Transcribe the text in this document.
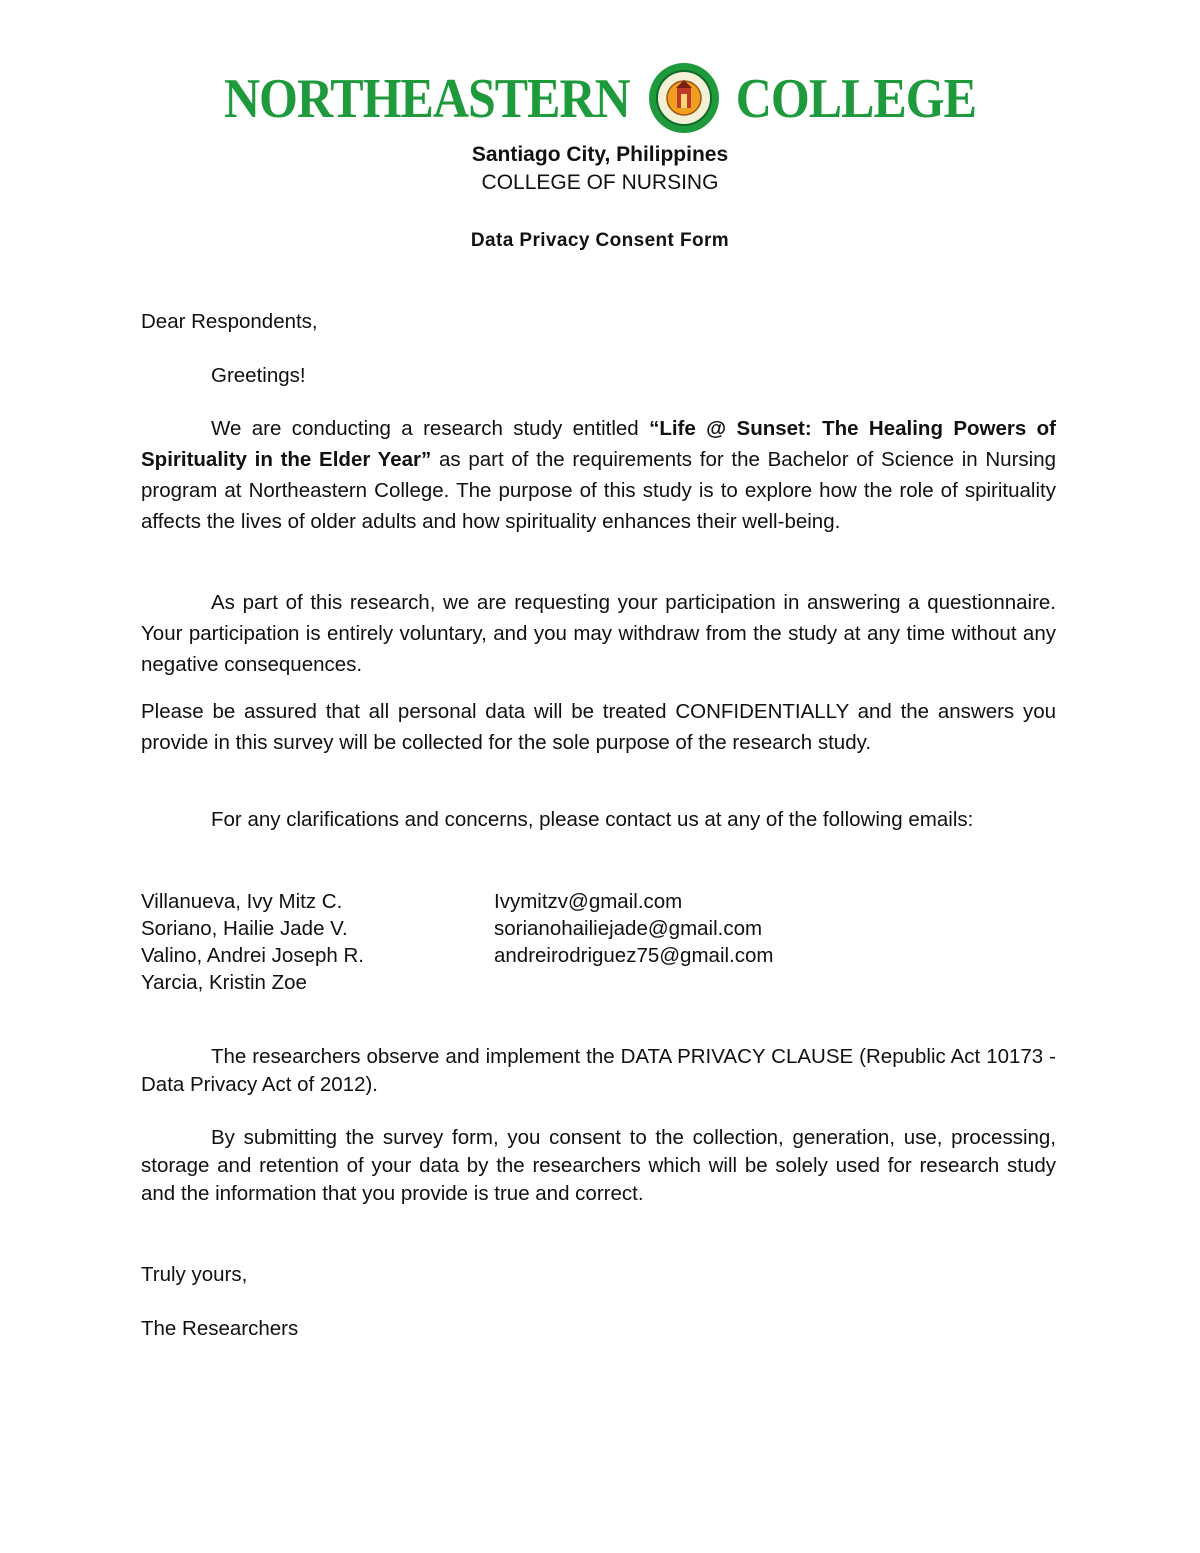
NORTHEASTERN COLLEGE
Santiago City, Philippines
COLLEGE OF NURSING
Data Privacy Consent Form
Dear Respondents,
Greetings!
We are conducting a research study entitled “Life @ Sunset: The Healing Powers of Spirituality in the Elder Year” as part of the requirements for the Bachelor of Science in Nursing program at Northeastern College. The purpose of this study is to explore how the role of spirituality affects the lives of older adults and how spirituality enhances their well-being.
As part of this research, we are requesting your participation in answering a questionnaire. Your participation is entirely voluntary, and you may withdraw from the study at any time without any negative consequences.
Please be assured that all personal data will be treated CONFIDENTIALLY and the answers you provide in this survey will be collected for the sole purpose of the research study.
For any clarifications and concerns, please contact us at any of the following emails:
Villanueva, Ivy Mitz C.	Ivymitzv@gmail.com
Soriano, Hailie Jade V.	sorianohailiejade@gmail.com
Valino, Andrei Joseph R.	andreirodriguez75@gmail.com
Yarcia, Kristin Zoe
The researchers observe and implement the DATA PRIVACY CLAUSE (Republic Act 10173 - Data Privacy Act of 2012).
By submitting the survey form, you consent to the collection, generation, use, processing, storage and retention of your data by the researchers which will be solely used for research study and the information that you provide is true and correct.
Truly yours,
The Researchers
